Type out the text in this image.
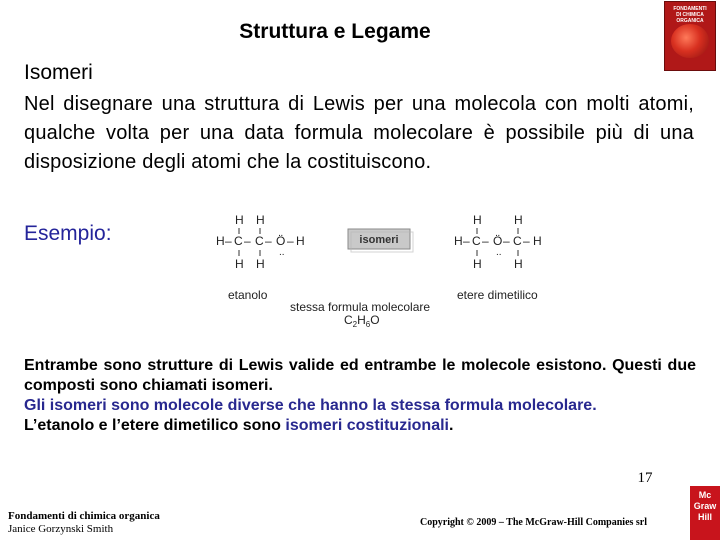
Struttura e Legame
FONDAMENTI
DI CHIMICA
ORGANICA
Isomeri
Nel disegnare una struttura di Lewis per una molecola con molti atomi, qualche volta per una data formula molecolare è possibile più di una disposizione degli atomi che la costituiscono.
Esempio:
H H
H – C – C – Ö – H
..
H H
isomeri
H	H
H – C – Ö – C – H
..
H	H
etanolo	etere dimetilico
stessa formula molecolare
$C_2H_6O$
Entrambe sono strutture di Lewis valide ed entrambe le molecole esistono. Questi due composti sono chiamati isomeri.
Gli isomeri sono molecole diverse che hanno la stessa formula molecolare.
L’etanolo e l’etere dimetilico sono isomeri costituzionali.
Fondamenti di chimica organica
Janice Gorzynski Smith
17
Copyright © 2009 – The McGraw-Hill Companies srl
Mc
Graw
Hill
